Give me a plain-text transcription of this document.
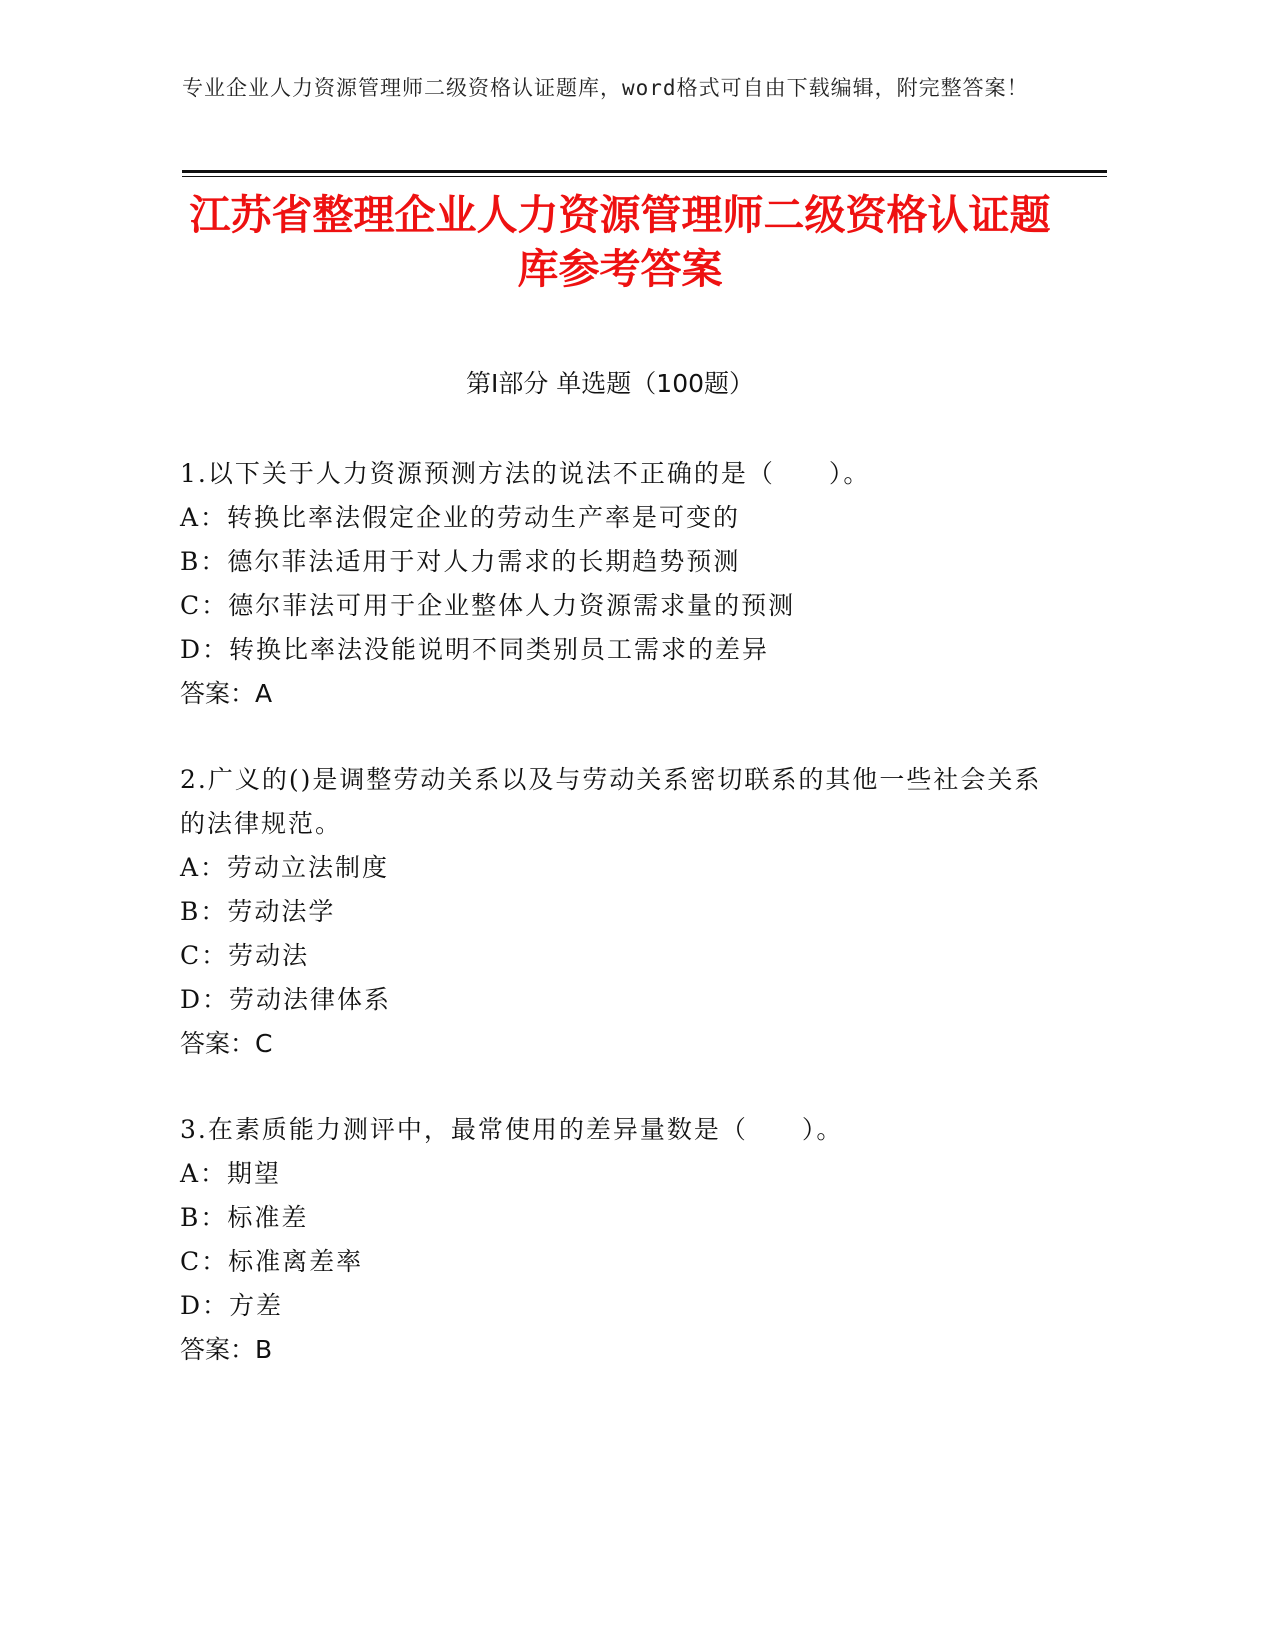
专业企业人力资源管理师二级资格认证题库，word格式可自由下载编辑，附完整答案！
江苏省整理企业人力资源管理师二级资格认证题库参考答案
第Ⅰ部分 单选题（100题）
1.以下关于人力资源预测方法的说法不正确的是（　　）。
A：转换比率法假定企业的劳动生产率是可变的
B：德尔菲法适用于对人力需求的长期趋势预测
C：德尔菲法可用于企业整体人力资源需求量的预测
D：转换比率法没能说明不同类别员工需求的差异
答案：A
2.广义的()是调整劳动关系以及与劳动关系密切联系的其他一些社会关系的法律规范。
A：劳动立法制度
B：劳动法学
C：劳动法
D：劳动法律体系
答案：C
3.在素质能力测评中，最常使用的差异量数是（　　）。
A：期望
B：标准差
C：标准离差率
D：方差
答案：B
